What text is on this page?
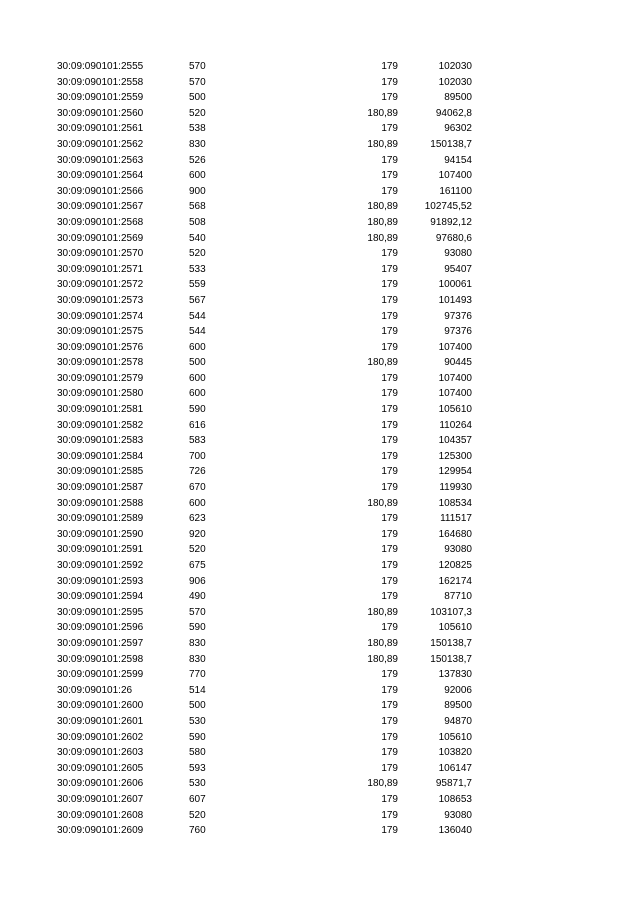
30:09:090101:2555	570	179	102030
30:09:090101:2558	570	179	102030
30:09:090101:2559	500	179	89500
30:09:090101:2560	520	180,89	94062,8
30:09:090101:2561	538	179	96302
30:09:090101:2562	830	180,89	150138,7
30:09:090101:2563	526	179	94154
30:09:090101:2564	600	179	107400
30:09:090101:2566	900	179	161100
30:09:090101:2567	568	180,89	102745,52
30:09:090101:2568	508	180,89	91892,12
30:09:090101:2569	540	180,89	97680,6
30:09:090101:2570	520	179	93080
30:09:090101:2571	533	179	95407
30:09:090101:2572	559	179	100061
30:09:090101:2573	567	179	101493
30:09:090101:2574	544	179	97376
30:09:090101:2575	544	179	97376
30:09:090101:2576	600	179	107400
30:09:090101:2578	500	180,89	90445
30:09:090101:2579	600	179	107400
30:09:090101:2580	600	179	107400
30:09:090101:2581	590	179	105610
30:09:090101:2582	616	179	110264
30:09:090101:2583	583	179	104357
30:09:090101:2584	700	179	125300
30:09:090101:2585	726	179	129954
30:09:090101:2587	670	179	119930
30:09:090101:2588	600	180,89	108534
30:09:090101:2589	623	179	111517
30:09:090101:2590	920	179	164680
30:09:090101:2591	520	179	93080
30:09:090101:2592	675	179	120825
30:09:090101:2593	906	179	162174
30:09:090101:2594	490	179	87710
30:09:090101:2595	570	180,89	103107,3
30:09:090101:2596	590	179	105610
30:09:090101:2597	830	180,89	150138,7
30:09:090101:2598	830	180,89	150138,7
30:09:090101:2599	770	179	137830
30:09:090101:26	514	179	92006
30:09:090101:2600	500	179	89500
30:09:090101:2601	530	179	94870
30:09:090101:2602	590	179	105610
30:09:090101:2603	580	179	103820
30:09:090101:2605	593	179	106147
30:09:090101:2606	530	180,89	95871,7
30:09:090101:2607	607	179	108653
30:09:090101:2608	520	179	93080
30:09:090101:2609	760	179	136040
